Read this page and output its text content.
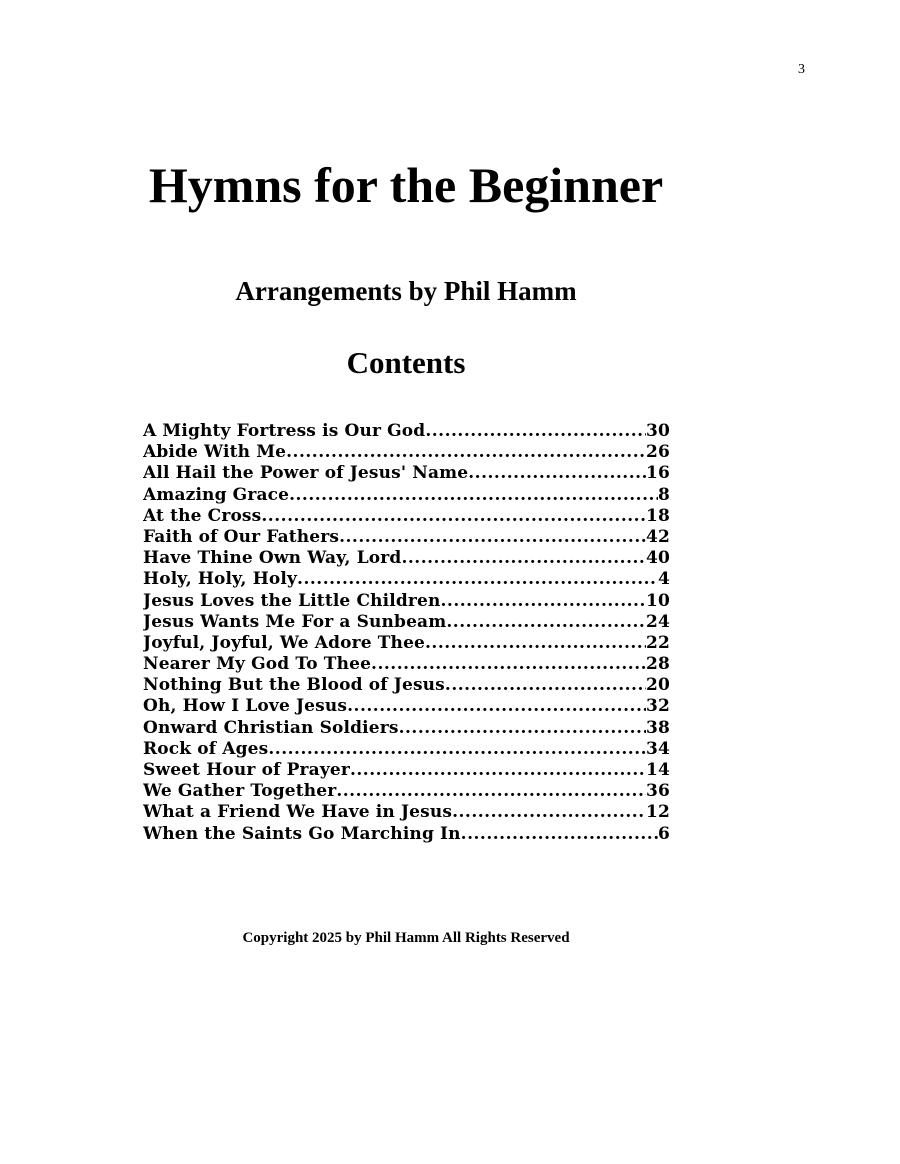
3
Hymns for the Beginner
Arrangements by Phil Hamm
Contents
A Mighty Fortress is Our God .....	30
Abide With Me .....	26
All Hail the Power of Jesus' Name .....	16
Amazing Grace .....	8
At the Cross .....	18
Faith of Our Fathers .....	42
Have Thine Own Way, Lord .....	40
Holy, Holy, Holy .....	4
Jesus Loves the Little Children .....	10
Jesus Wants Me For a Sunbeam .....	24
Joyful, Joyful, We Adore Thee .....	22
Nearer My God To Thee .....	28
Nothing But the Blood of Jesus .....	20
Oh, How I Love Jesus .....	32
Onward Christian Soldiers .....	38
Rock of Ages .....	34
Sweet Hour of Prayer .....	14
We Gather Together .....	36
What a Friend We Have in Jesus .....	12
When the Saints Go Marching In .....	6
Copyright 2025 by Phil Hamm All Rights Reserved
